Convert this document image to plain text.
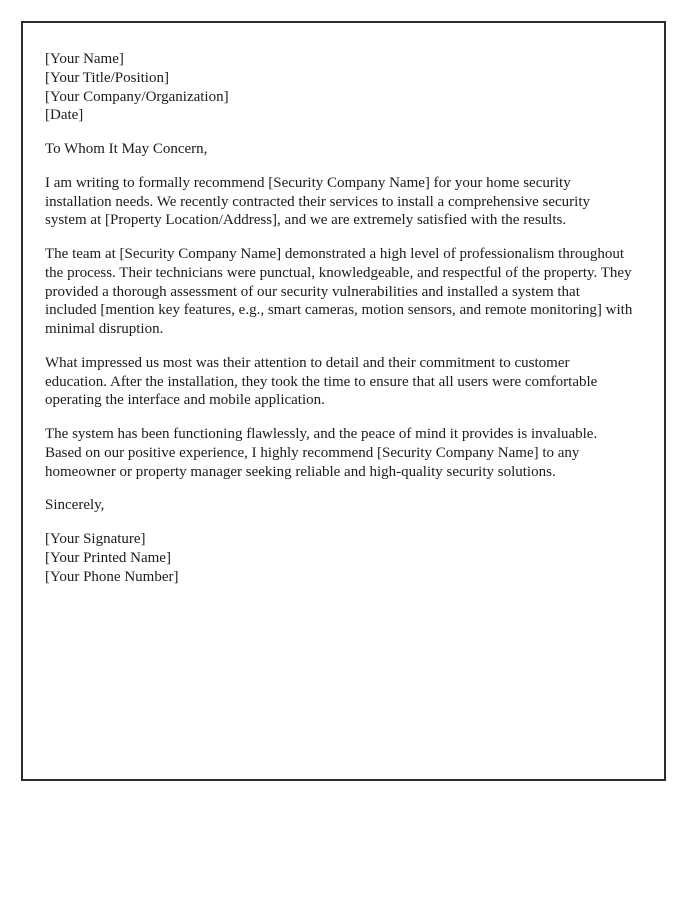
[Your Name]
[Your Title/Position]
[Your Company/Organization]
[Date]

To Whom It May Concern,

I am writing to formally recommend [Security Company Name] for your home security installation needs. We recently contracted their services to install a comprehensive security system at [Property Location/Address], and we are extremely satisfied with the results.

The team at [Security Company Name] demonstrated a high level of professionalism throughout the process. Their technicians were punctual, knowledgeable, and respectful of the property. They provided a thorough assessment of our security vulnerabilities and installed a system that included [mention key features, e.g., smart cameras, motion sensors, and remote monitoring] with minimal disruption.

What impressed us most was their attention to detail and their commitment to customer education. After the installation, they took the time to ensure that all users were comfortable operating the interface and mobile application.

The system has been functioning flawlessly, and the peace of mind it provides is invaluable. Based on our positive experience, I highly recommend [Security Company Name] to any homeowner or property manager seeking reliable and high-quality security solutions.

Sincerely,

[Your Signature]
[Your Printed Name]
[Your Phone Number]
